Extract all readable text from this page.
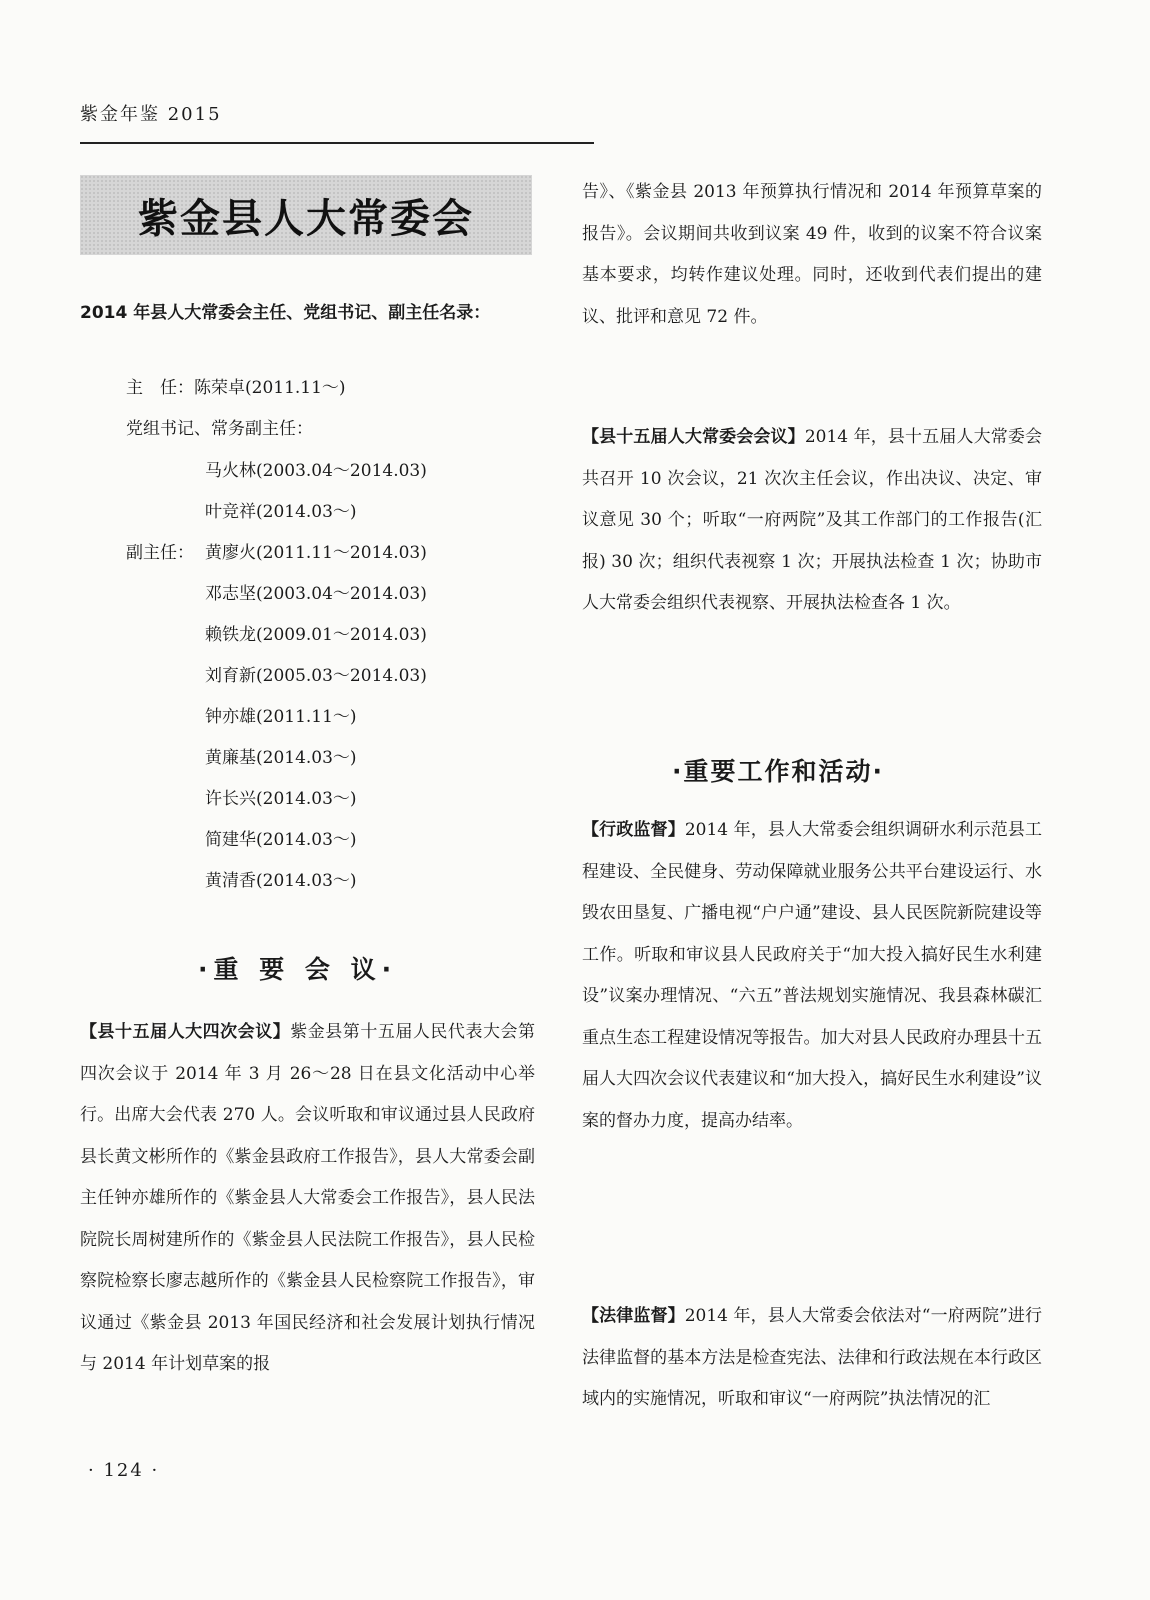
紫金年鉴 2015
紫金县人大常委会
2014 年县人大常委会主任、党组书记、副主任名录：
主　任：陈荣卓(2011.11～)
党组书记、常务副主任：
马火林(2003.04～2014.03)
叶竞祥(2014.03～)
副主任： 黄廖火(2011.11～2014.03)
邓志坚(2003.04～2014.03)
赖铁龙(2009.01～2014.03)
刘育新(2005.03～2014.03)
钟亦雄(2011.11～)
黄廉基(2014.03～)
许长兴(2014.03～)
简建华(2014.03～)
黄清香(2014.03～)
·重 要 会 议·

【县十五届人大四次会议】紫金县第十五届人民代表大会第四次会议于 2014 年 3 月 26～28 日在县文化活动中心举行。出席大会代表 270 人。会议听取和审议通过县人民政府县长黄文彬所作的《紫金县政府工作报告》，县人大常委会副主任钟亦雄所作的《紫金县人大常委会工作报告》，县人民法院院长周树建所作的《紫金县人民法院工作报告》，县人民检察院检察长廖志越所作的《紫金县人民检察院工作报告》，审议通过《紫金县 2013 年国民经济和社会发展计划执行情况与 2014 年计划草案的报

告》、《紫金县 2013 年预算执行情况和 2014 年预算草案的报告》。会议期间共收到议案 49 件，收到的议案不符合议案基本要求，均转作建议处理。同时，还收到代表们提出的建议、批评和意见 72 件。

【县十五届人大常委会会议】2014 年，县十五届人大常委会共召开 10 次会议，21 次次主任会议，作出决议、决定、审议意见 30 个；听取“一府两院”及其工作部门的工作报告(汇报) 30 次；组织代表视察 1 次；开展执法检查 1 次；协助市人大常委会组织代表视察、开展执法检查各 1 次。

·重要工作和活动·

【行政监督】2014 年，县人大常委会组织调研水利示范县工程建设、全民健身、劳动保障就业服务公共平台建设运行、水毁农田垦复、广播电视“户户通”建设、县人民医院新院建设等工作。听取和审议县人民政府关于“加大投入搞好民生水利建设”议案办理情况、“六五”普法规划实施情况、我县森林碳汇重点生态工程建设情况等报告。加大对县人民政府办理县十五届人大四次会议代表建议和“加大投入，搞好民生水利建设”议案的督办力度，提高办结率。

【法律监督】2014 年，县人大常委会依法对“一府两院”进行法律监督的基本方法是检查宪法、法律和行政法规在本行政区域内的实施情况，听取和审议“一府两院”执法情况的汇

· 124 ·
